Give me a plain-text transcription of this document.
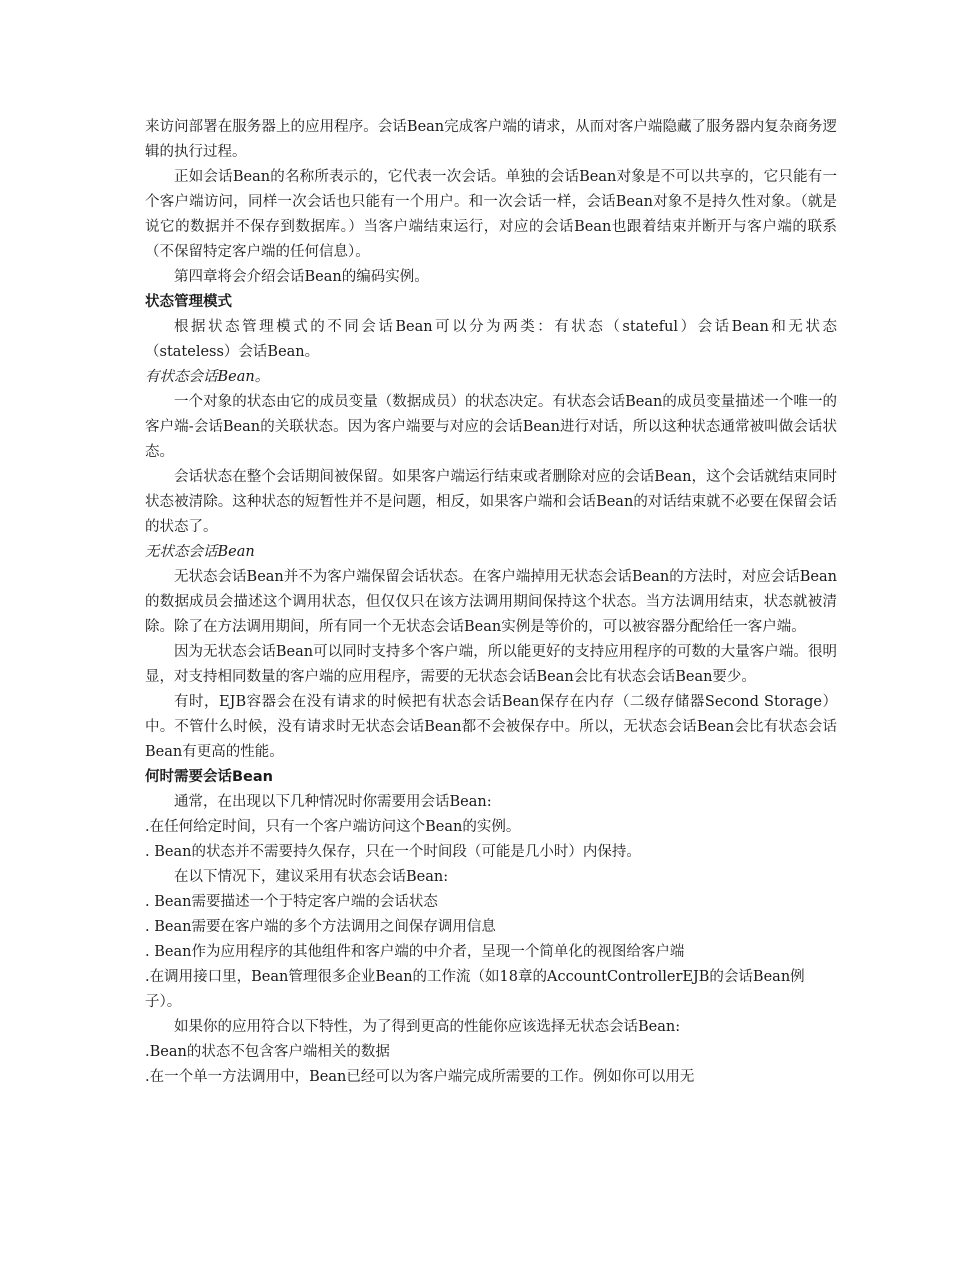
来访问部署在服务器上的应用程序。会话Bean完成客户端的请求，从而对客户端隐藏了服务器内复杂商务逻辑的执行过程。

正如会话Bean的名称所表示的，它代表一次会话。单独的会话Bean对象是不可以共享的，它只能有一个客户端访问，同样一次会话也只能有一个用户。和一次会话一样，会话Bean对象不是持久性对象。（就是说它的数据并不保存到数据库。）当客户端结束运行，对应的会话Bean也跟着结束并断开与客户端的联系（不保留特定客户端的任何信息）。

第四章将会介绍会话Bean的编码实例。

状态管理模式

根据状态管理模式的不同会话Bean可以分为两类：有状态（stateful）会话Bean和无状态（stateless）会话Bean。

有状态会话Bean。

一个对象的状态由它的成员变量（数据成员）的状态决定。有状态会话Bean的成员变量描述一个唯一的客户端-会话Bean的关联状态。因为客户端要与对应的会话Bean进行对话，所以这种状态通常被叫做会话状态。

会话状态在整个会话期间被保留。如果客户端运行结束或者删除对应的会话Bean，这个会话就结束同时状态被清除。这种状态的短暂性并不是问题，相反，如果客户端和会话Bean的对话结束就不必要在保留会话的状态了。

无状态会话Bean

无状态会话Bean并不为客户端保留会话状态。在客户端掉用无状态会话Bean的方法时，对应会话Bean的数据成员会描述这个调用状态，但仅仅只在该方法调用期间保持这个状态。当方法调用结束，状态就被清除。除了在方法调用期间，所有同一个无状态会话Bean实例是等价的，可以被容器分配给任一客户端。

因为无状态会话Bean可以同时支持多个客户端，所以能更好的支持应用程序的可数的大量客户端。很明显，对支持相同数量的客户端的应用程序，需要的无状态会话Bean会比有状态会话Bean要少。

有时，EJB容器会在没有请求的时候把有状态会话Bean保存在内存（二级存储器Second Storage）中。不管什么时候，没有请求时无状态会话Bean都不会被保存中。所以，无状态会话Bean会比有状态会话Bean有更高的性能。

何时需要会话Bean

通常，在出现以下几种情况时你需要用会话Bean:

.在任何给定时间，只有一个客户端访问这个Bean的实例。
. Bean的状态并不需要持久保存，只在一个时间段（可能是几小时）内保持。

在以下情况下，建议采用有状态会话Bean:

. Bean需要描述一个于特定客户端的会话状态
. Bean需要在客户端的多个方法调用之间保存调用信息
. Bean作为应用程序的其他组件和客户端的中介者，呈现一个简单化的视图给客户端
.在调用接口里，Bean管理很多企业Bean的工作流（如18章的AccountControllerEJB的会话Bean例子）。

如果你的应用符合以下特性，为了得到更高的性能你应该选择无状态会话Bean:

.Bean的状态不包含客户端相关的数据
.在一个单一方法调用中，Bean已经可以为客户端完成所需要的工作。例如你可以用无
